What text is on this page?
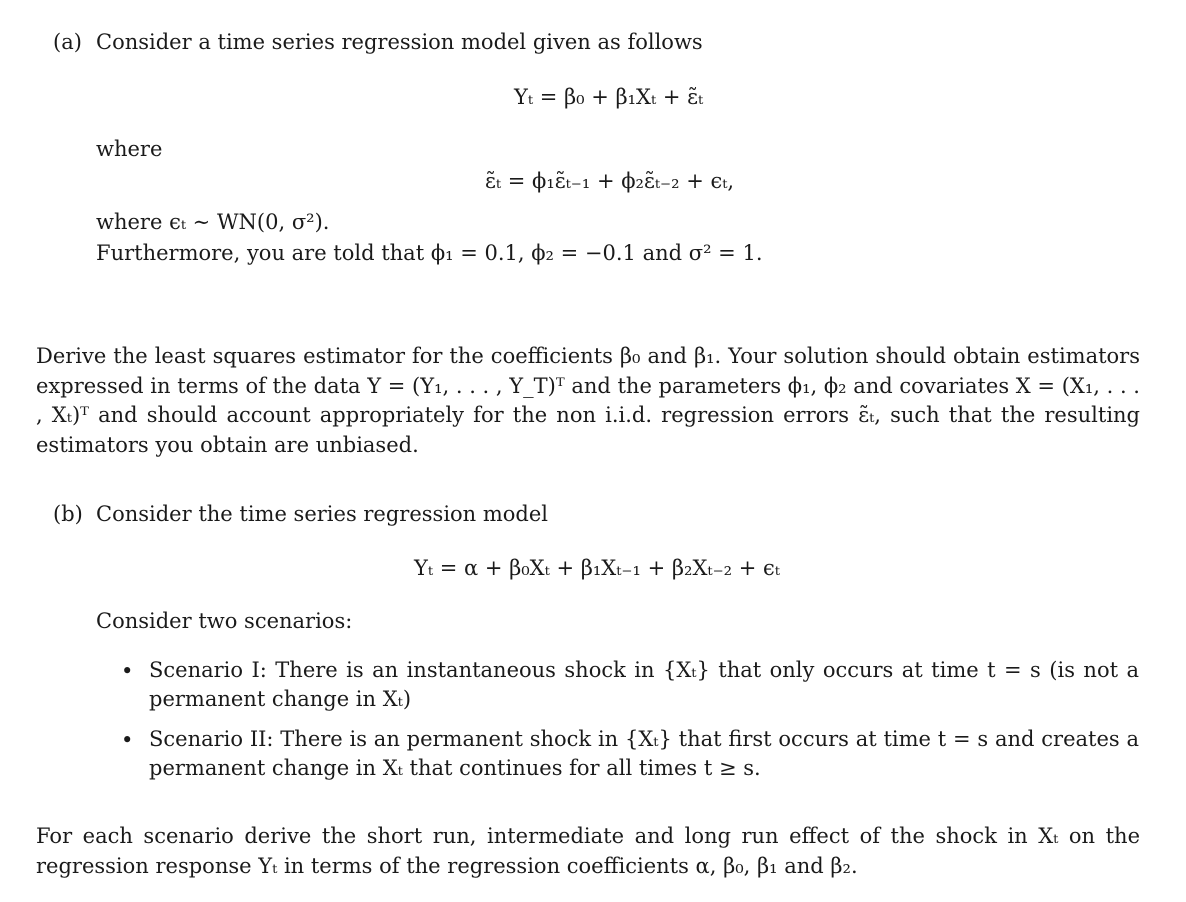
(a) Consider a time series regression model given as follows
Yₜ = β₀ + β₁Xₜ + ε̃ₜ
where
ε̃ₜ = ϕ₁ε̃ₜ₋₁ + ϕ₂ε̃ₜ₋₂ + ϵₜ,
where ϵₜ ∼ WN(0, σ²).
Furthermore, you are told that ϕ₁ = 0.1, ϕ₂ = −0.1 and σ² = 1.
Derive the least squares estimator for the coefficients β₀ and β₁. Your solution should obtain estimators expressed in terms of the data Y = (Y₁, . . . , Y_T)ᵀ and the parameters ϕ₁, ϕ₂ and covariates X = (X₁, . . . , Xₜ)ᵀ and should account appropriately for the non i.i.d. regression errors ε̃ₜ, such that the resulting estimators you obtain are unbiased.
(b) Consider the time series regression model
Yₜ = α + β₀Xₜ + β₁Xₜ₋₁ + β₂Xₜ₋₂ + ϵₜ
Consider two scenarios:
• Scenario I: There is an instantaneous shock in {Xₜ} that only occurs at time t = s (is not a permanent change in Xₜ)
• Scenario II: There is an permanent shock in {Xₜ} that first occurs at time t = s and creates a permanent change in Xₜ that continues for all times t ≥ s.
For each scenario derive the short run, intermediate and long run effect of the shock in Xₜ on the regression response Yₜ in terms of the regression coefficients α, β₀, β₁ and β₂.
